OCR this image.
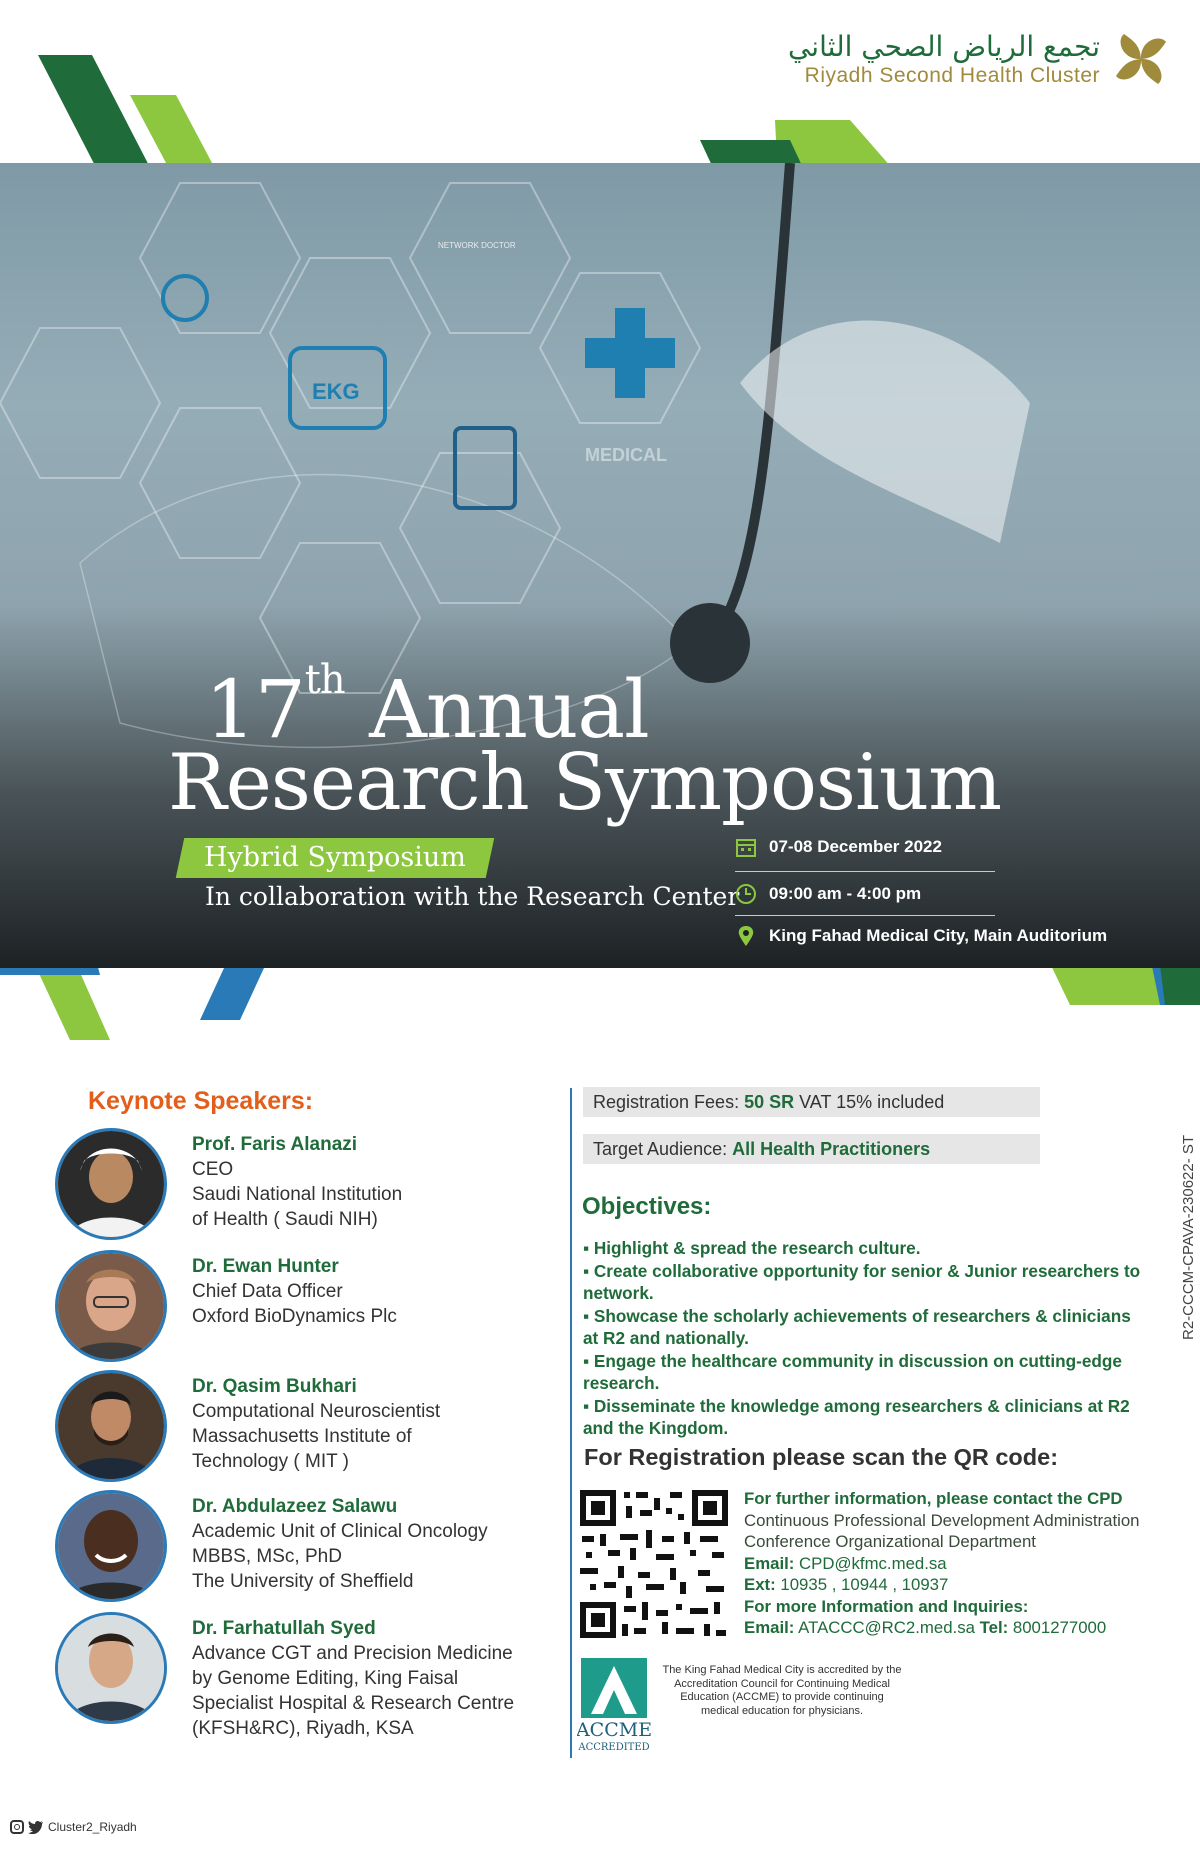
تجمع الرياض الصحي الثاني
Riyadh Second Health Cluster
EKG
MEDICAL
NETWORK DOCTOR
17th Annual
Research Symposium
Hybrid Symposium
In collaboration with the Research Center
07-08 December 2022
09:00 am - 4:00 pm
King Fahad Medical City, Main Auditorium
Keynote Speakers:
Prof. Faris Alanazi
CEO
Saudi National Institution
of Health ( Saudi NIH)
Dr. Ewan Hunter
Chief Data Officer
Oxford BioDynamics Plc
Dr. Qasim Bukhari
Computational Neuroscientist
Massachusetts Institute of
Technology ( MIT )
Dr. Abdulazeez Salawu
Academic Unit of Clinical Oncology
MBBS, MSc, PhD
The University of Sheffield
Dr. Farhatullah Syed
Advance CGT and Precision Medicine
by Genome Editing, King Faisal
Specialist Hospital & Research Centre
(KFSH&RC), Riyadh, KSA
Registration Fees: 50 SR VAT 15% included
Target Audience: All Health Practitioners
Objectives:
▪ Highlight & spread the research culture.
▪ Create collaborative opportunity for senior & Junior researchers to network.
▪ Showcase the scholarly achievements of researchers & clinicians at R2 and nationally.
▪ Engage the healthcare community in discussion on cutting-edge research.
▪ Disseminate the knowledge among researchers & clinicians at R2 and the Kingdom.
For Registration please scan the QR code:
For further information, please contact the CPD
Continuous Professional Development Administration
Conference Organizational Department
Email: CPD@kfmc.med.sa
Ext: 10935 , 10944 , 10937
For more Information and Inquiries:
Email: ATACCC@RC2.med.sa Tel: 8001277000
ACCME
ACCREDITED
The King Fahad Medical City is accredited by the Accreditation Council for Continuing Medical Education (ACCME) to provide continuing medical education for physicians.
R2-CCCM-CPAVA-230622- ST
Cluster2_Riyadh
